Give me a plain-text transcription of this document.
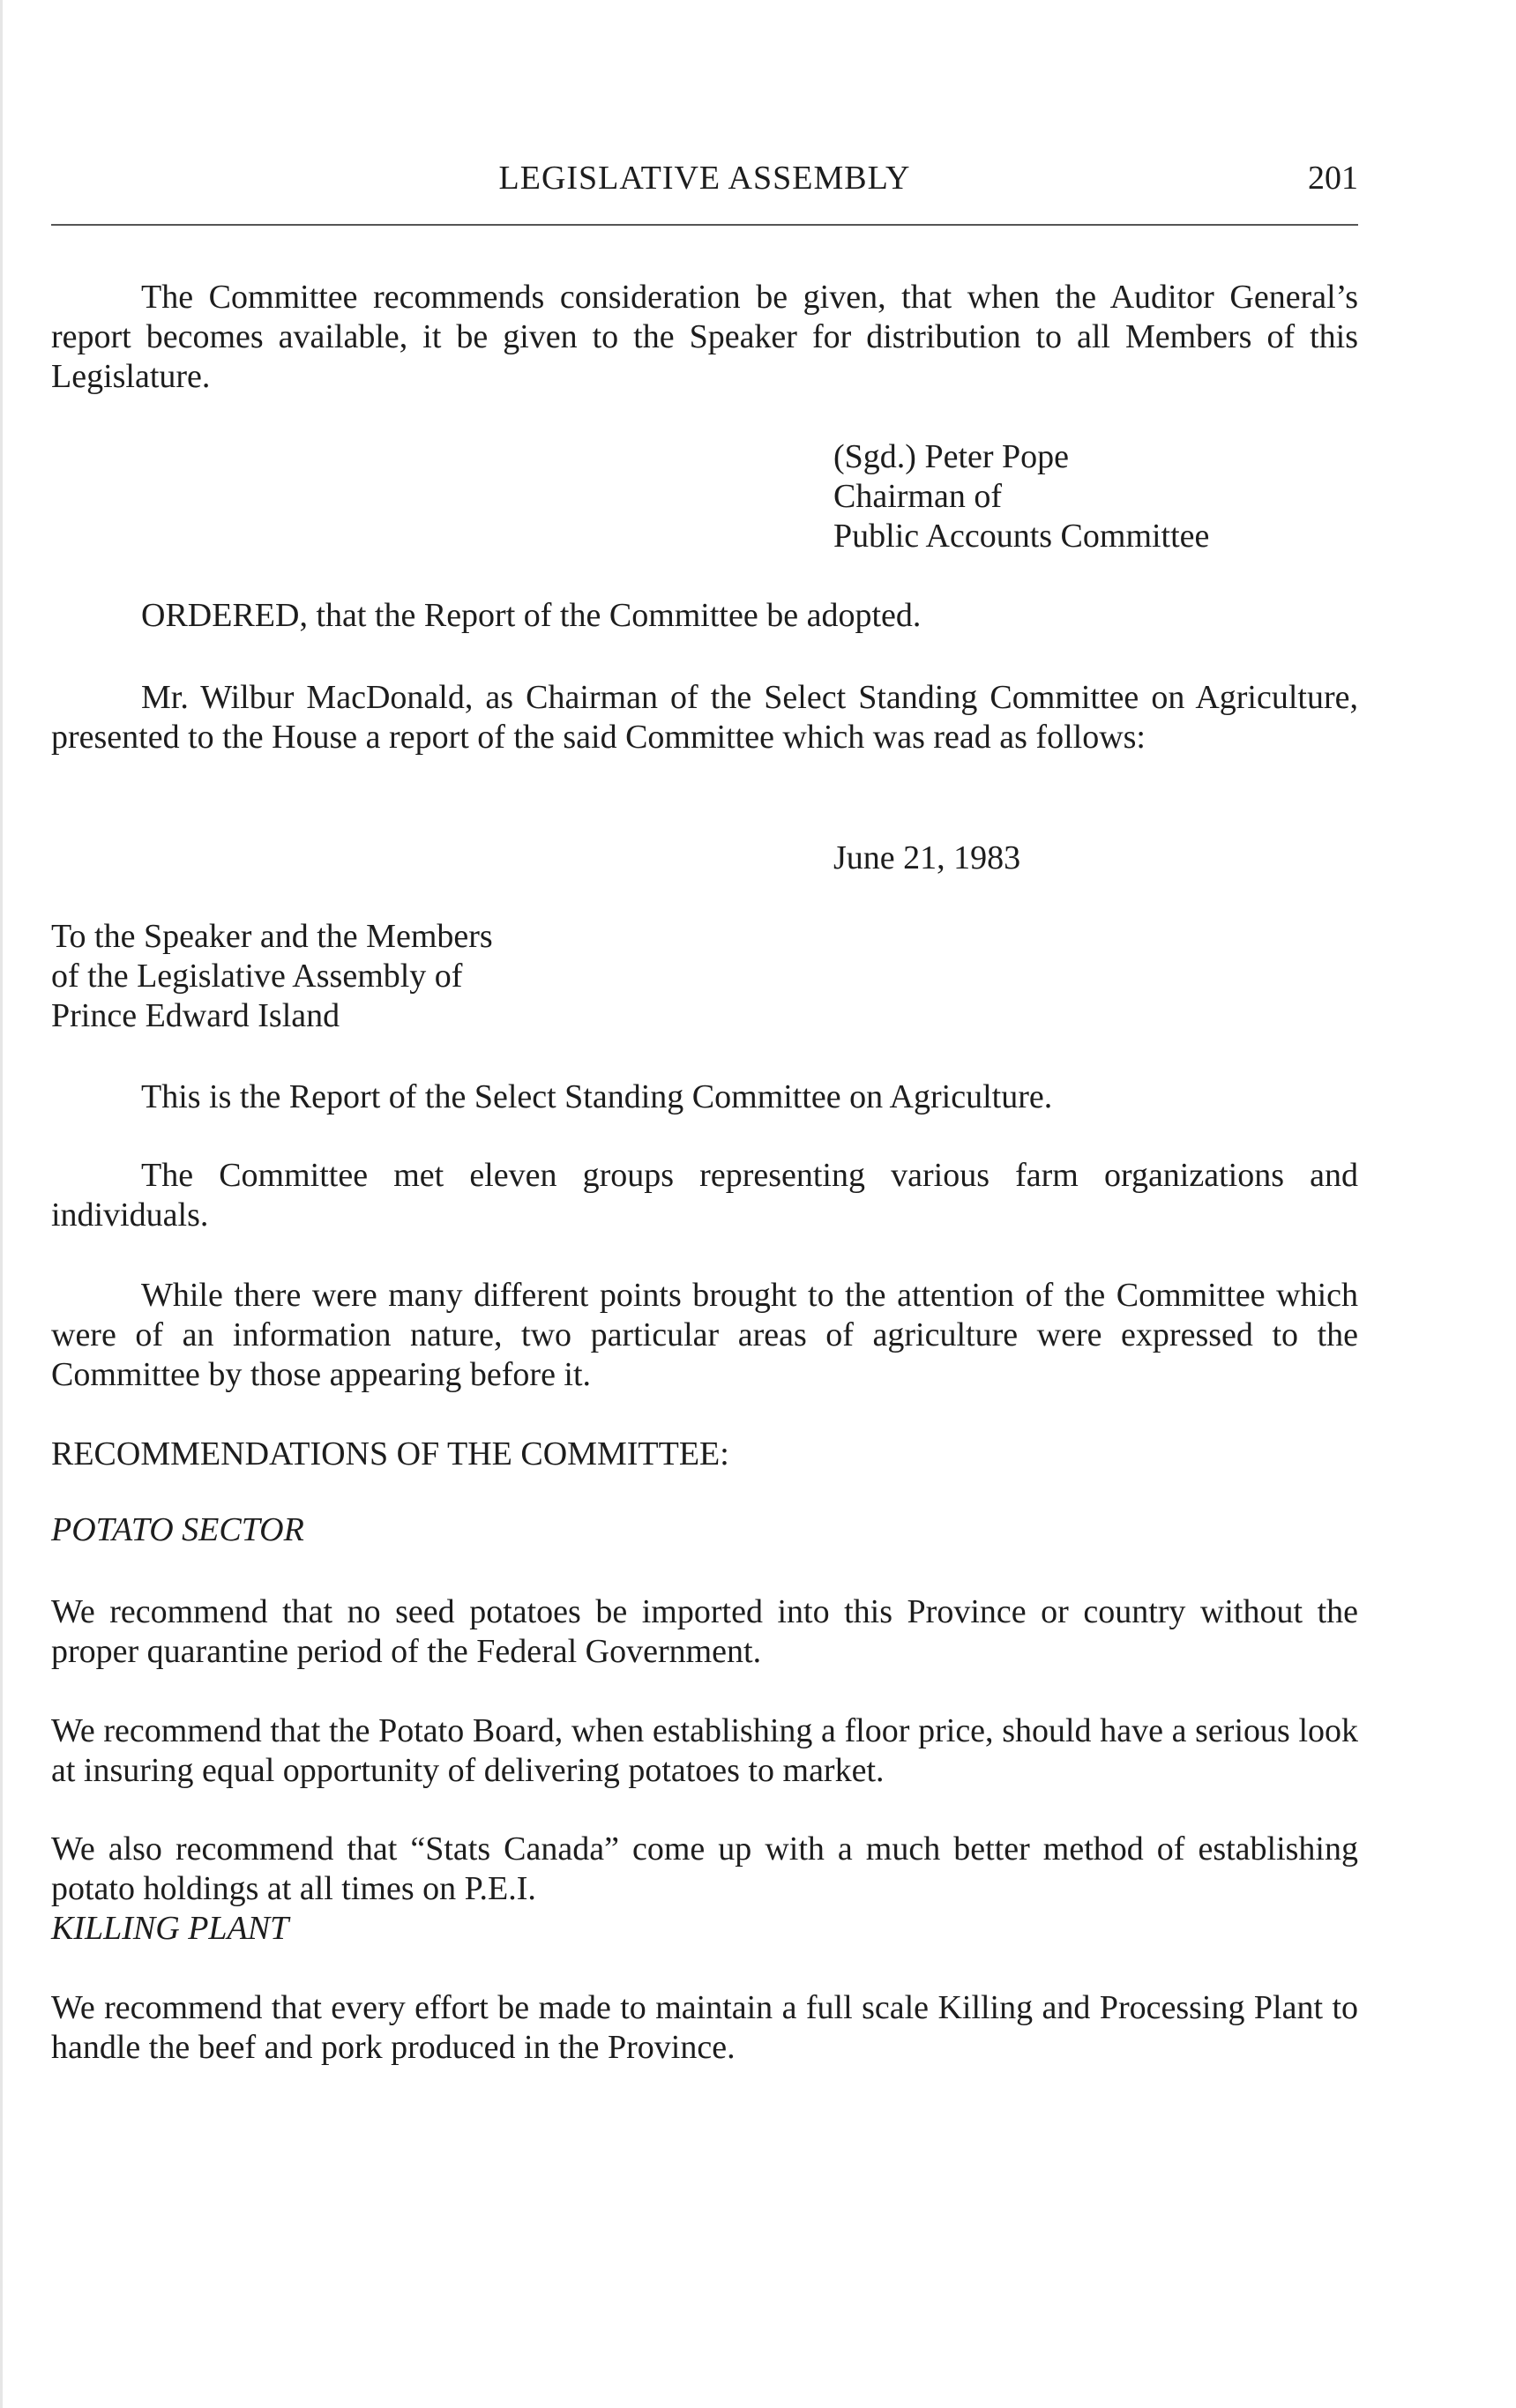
LEGISLATIVE ASSEMBLY	201

The Committee recommends consideration be given, that when the Auditor General’s report becomes available, it be given to the Speaker for distribution to all Members of this Legislature.

(Sgd.) Peter Pope
Chairman of
Public Accounts Committee

ORDERED, that the Report of the Committee be adopted.

Mr. Wilbur MacDonald, as Chairman of the Select Standing Committee on Agriculture, presented to the House a report of the said Committee which was read as follows:

June 21, 1983
To the Speaker and the Members
of the Legislative Assembly of
Prince Edward Island

This is the Report of the Select Standing Committee on Agriculture.

The Committee met eleven groups representing various farm organizations and individuals.

While there were many different points brought to the attention of the Committee which were of an information nature, two particular areas of agriculture were expressed to the Committee by those appearing before it.

RECOMMENDATIONS OF THE COMMITTEE:

POTATO SECTOR

We recommend that no seed potatoes be imported into this Province or country without the proper quarantine period of the Federal Government.

We recommend that the Potato Board, when establishing a floor price, should have a serious look at insuring equal opportunity of delivering potatoes to market.

We also recommend that “Stats Canada” come up with a much better method of establishing potato holdings at all times on P.E.I.

KILLING PLANT

We recommend that every effort be made to maintain a full scale Killing and Processing Plant to handle the beef and pork produced in the Province.
